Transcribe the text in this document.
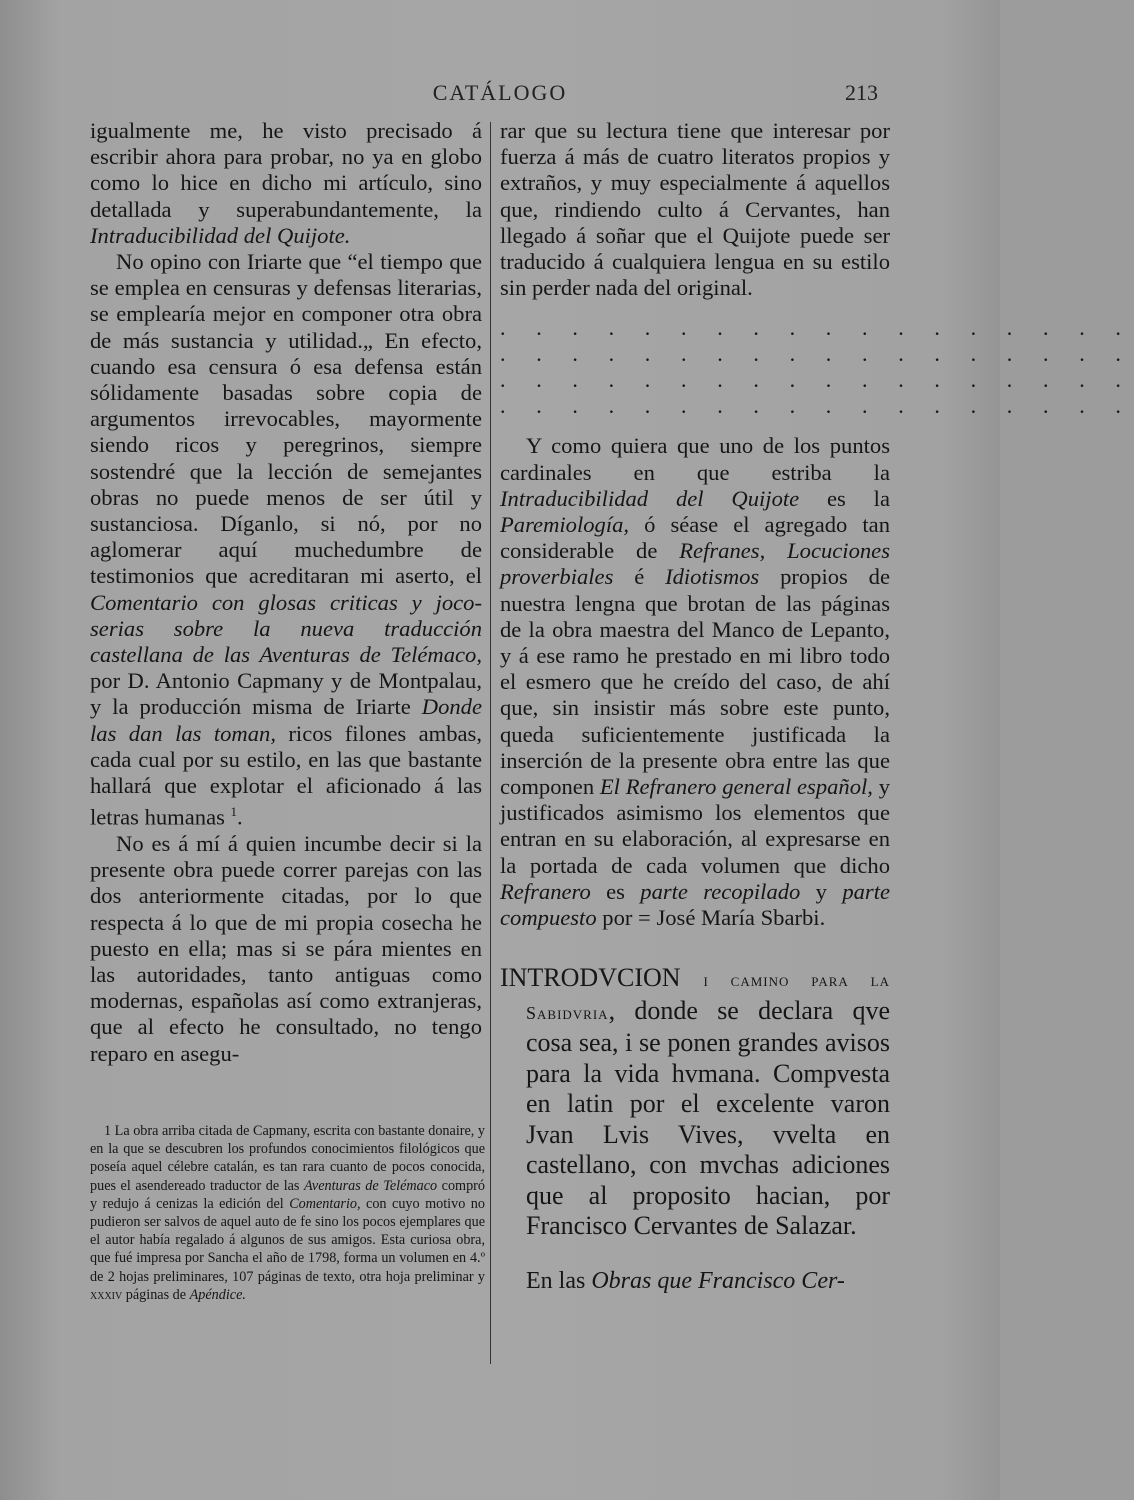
CATÁLOGO	213

igualmente me, he visto precisado á escribir ahora para probar, no ya en globo como lo hice en dicho mi artículo, sino detallada y superabundantemente, la Intraducibilidad del Quijote.

No opino con Iriarte que “el tiempo que se emplea en censuras y defensas literarias, se emplearía mejor en componer otra obra de más sustancia y utilidad.„ En efecto, cuando esa censura ó esa defensa están sólidamente basadas sobre copia de argumentos irrevocables, mayormente siendo ricos y peregrinos, siempre sostendré que la lección de semejantes obras no puede menos de ser útil y sustanciosa. Díganlo, si nó, por no aglomerar aquí muchedumbre de testimonios que acreditaran mi aserto, el Comentario con glosas criticas y joco-serias sobre la nueva traducción castellana de las Aventuras de Telémaco, por D. Antonio Capmany y de Montpalau, y la producción misma de Iriarte Donde las dan las toman, ricos filones ambas, cada cual por su estilo, en las que bastante hallará que explotar el aficionado á las letras humanas $^1$.

No es á mí á quien incumbe decir si la presente obra puede correr parejas con las dos anteriormente citadas, por lo que respecta á lo que de mi propia cosecha he puesto en ella; mas si se pára mientes en las autoridades, tanto antiguas como modernas, españolas así como extranjeras, que al efecto he consultado, no tengo reparo en asegu-

1 La obra arriba citada de Capmany, escrita con bastante donaire, y en la que se descubren los profundos conocimientos filológicos que poseía aquel célebre catalán, es tan rara cuanto de pocos conocida, pues el asendereado traductor de las Aventuras de Telémaco compró y redujo á cenizas la edición del Comentario, con cuyo motivo no pudieron ser salvos de aquel auto de fe sino los pocos ejemplares que el autor había regalado á algunos de sus amigos. Esta curiosa obra, que fué impresa por Sancha el año de 1798, forma un volumen en 4.º de 2 hojas preliminares, 107 páginas de texto, otra hoja preliminar y xxxiv páginas de Apéndice.

rar que su lectura tiene que interesar por fuerza á más de cuatro literatos propios y extraños, y muy especialmente á aquellos que, rindiendo culto á Cervantes, han llegado á soñar que el Quijote puede ser traducido á cualquiera lengua en su estilo sin perder nada del original.

. . . . . . . . . . . . . . . . . .
. . . . . . . . . . . . . . . . . .
. . . . . . . . . . . . . . . . . .
. . . . . . . . . . . . . . . . . .

Y como quiera que uno de los puntos cardinales en que estriba la Intraducibilidad del Quijote es la Paremiología, ó séase el agregado tan considerable de Refranes, Locuciones proverbiales é Idiotismos propios de nuestra lengna que brotan de las páginas de la obra maestra del Manco de Lepanto, y á ese ramo he prestado en mi libro todo el esmero que he creído del caso, de ahí que, sin insistir más sobre este punto, queda suficientemente justificada la inserción de la presente obra entre las que componen El Refranero general español, y justificados asimismo los elementos que entran en su elaboración, al expresarse en la portada de cada volumen que dicho Refranero es parte recopilado y parte compuesto por = José María Sbarbi.

INTRODVCION i camino para la Sabidvria, donde se declara qve cosa sea, i se ponen grandes avisos para la vida hvmana. Compvesta en latin por el excelente varon Jvan Lvis Vives, vvelta en castellano, con mvchas adiciones que al proposito hacian, por Francisco Cervantes de Salazar.

En las Obras que Francisco Cer-
